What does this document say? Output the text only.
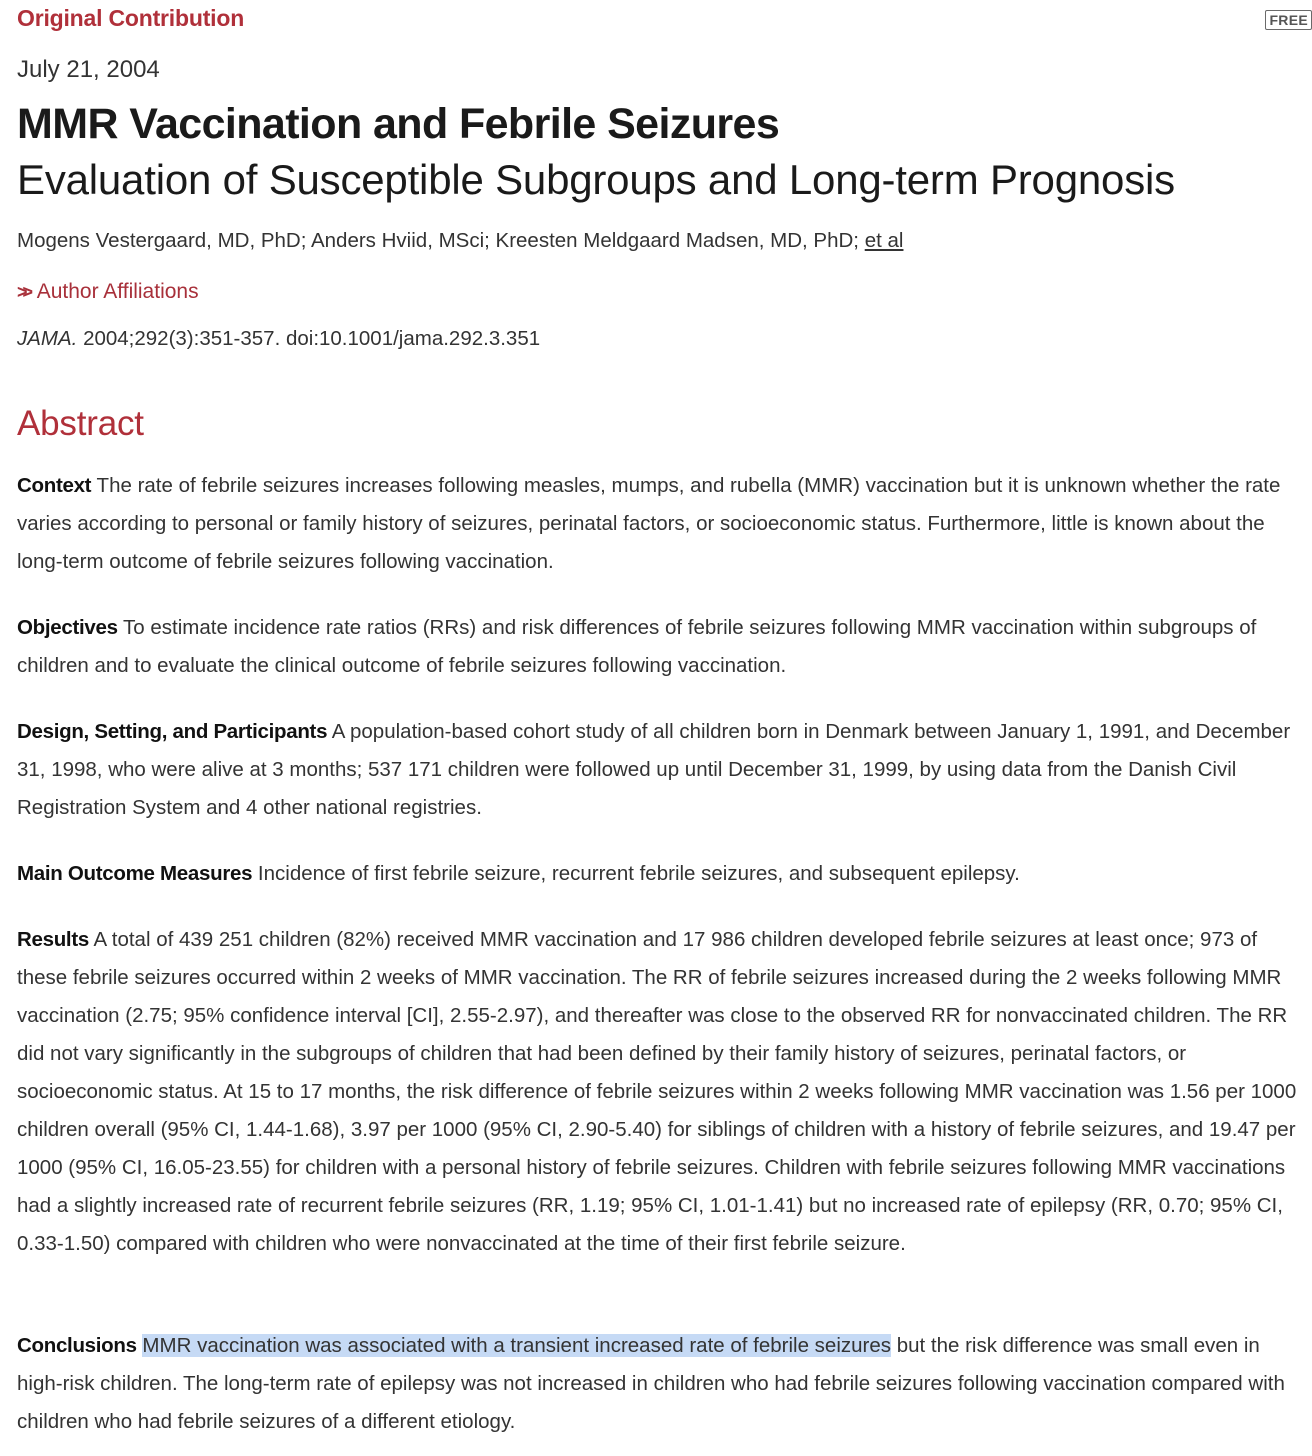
Original Contribution	FREE
July 21, 2004
MMR Vaccination and Febrile Seizures
Evaluation of Susceptible Subgroups and Long-term Prognosis
Mogens Vestergaard, MD, PhD; Anders Hviid, MSci; Kreesten Meldgaard Madsen, MD, PhD; et al
>> Author Affiliations
JAMA. 2004;292(3):351-357. doi:10.1001/jama.292.3.351
Abstract
Context The rate of febrile seizures increases following measles, mumps, and rubella (MMR) vaccination but it is unknown whether the rate varies according to personal or family history of seizures, perinatal factors, or socioeconomic status. Furthermore, little is known about the long-term outcome of febrile seizures following vaccination.
Objectives To estimate incidence rate ratios (RRs) and risk differences of febrile seizures following MMR vaccination within subgroups of children and to evaluate the clinical outcome of febrile seizures following vaccination.
Design, Setting, and Participants A population-based cohort study of all children born in Denmark between January 1, 1991, and December 31, 1998, who were alive at 3 months; 537 171 children were followed up until December 31, 1999, by using data from the Danish Civil Registration System and 4 other national registries.
Main Outcome Measures Incidence of first febrile seizure, recurrent febrile seizures, and subsequent epilepsy.
Results A total of 439 251 children (82%) received MMR vaccination and 17 986 children developed febrile seizures at least once; 973 of these febrile seizures occurred within 2 weeks of MMR vaccination. The RR of febrile seizures increased during the 2 weeks following MMR vaccination (2.75; 95% confidence interval [CI], 2.55-2.97), and thereafter was close to the observed RR for nonvaccinated children. The RR did not vary significantly in the subgroups of children that had been defined by their family history of seizures, perinatal factors, or socioeconomic status. At 15 to 17 months, the risk difference of febrile seizures within 2 weeks following MMR vaccination was 1.56 per 1000 children overall (95% CI, 1.44-1.68), 3.97 per 1000 (95% CI, 2.90-5.40) for siblings of children with a history of febrile seizures, and 19.47 per 1000 (95% CI, 16.05-23.55) for children with a personal history of febrile seizures. Children with febrile seizures following MMR vaccinations had a slightly increased rate of recurrent febrile seizures (RR, 1.19; 95% CI, 1.01-1.41) but no increased rate of epilepsy (RR, 0.70; 95% CI, 0.33-1.50) compared with children who were nonvaccinated at the time of their first febrile seizure.
Conclusions MMR vaccination was associated with a transient increased rate of febrile seizures but the risk difference was small even in high-risk children. The long-term rate of epilepsy was not increased in children who had febrile seizures following vaccination compared with children who had febrile seizures of a different etiology.
